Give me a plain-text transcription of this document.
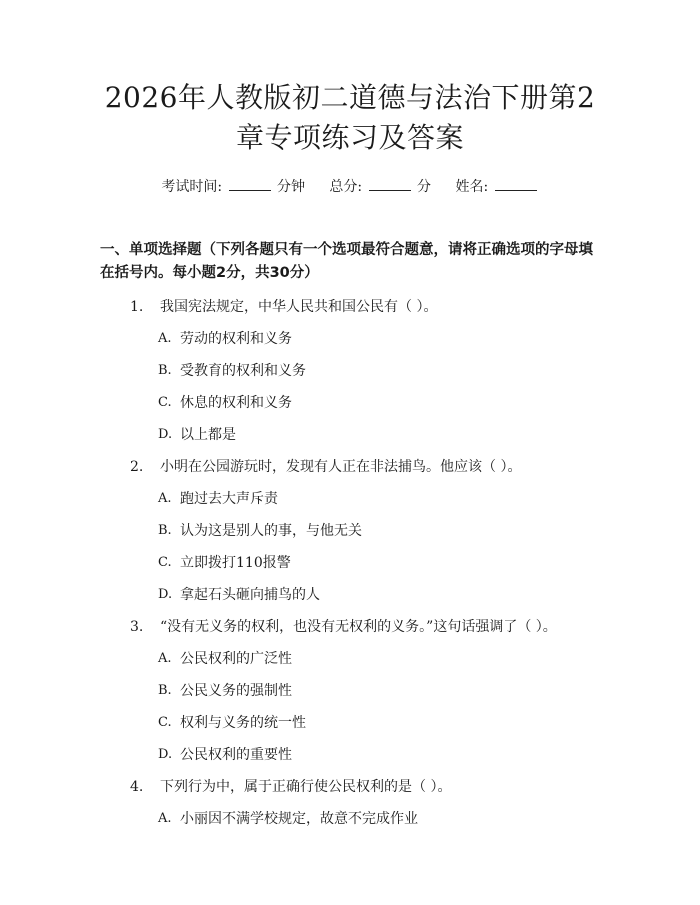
2026年人教版初二道德与法治下册第2章专项练习及答案
考试时间:	分钟 总分:	分 姓名:
一、单项选择题（下列各题只有一个选项最符合题意，请将正确选项的字母填在括号内。每小题2分，共30分）
1.	我国宪法规定，中华人民共和国公民有（ ）。
A. 劳动的权利和义务
B. 受教育的权利和义务
C. 休息的权利和义务
D. 以上都是
2.	小明在公园游玩时，发现有人正在非法捕鸟。他应该（ ）。
A. 跑过去大声斥责
B. 认为这是别人的事，与他无关
C. 立即拨打110报警
D. 拿起石头砸向捕鸟的人
3.	“没有无义务的权利，也没有无权利的义务。”这句话强调了（ ）。
A. 公民权利的广泛性
B. 公民义务的强制性
C. 权利与义务的统一性
D. 公民权利的重要性
4.	下列行为中，属于正确行使公民权利的是（ ）。
A. 小丽因不满学校规定，故意不完成作业
